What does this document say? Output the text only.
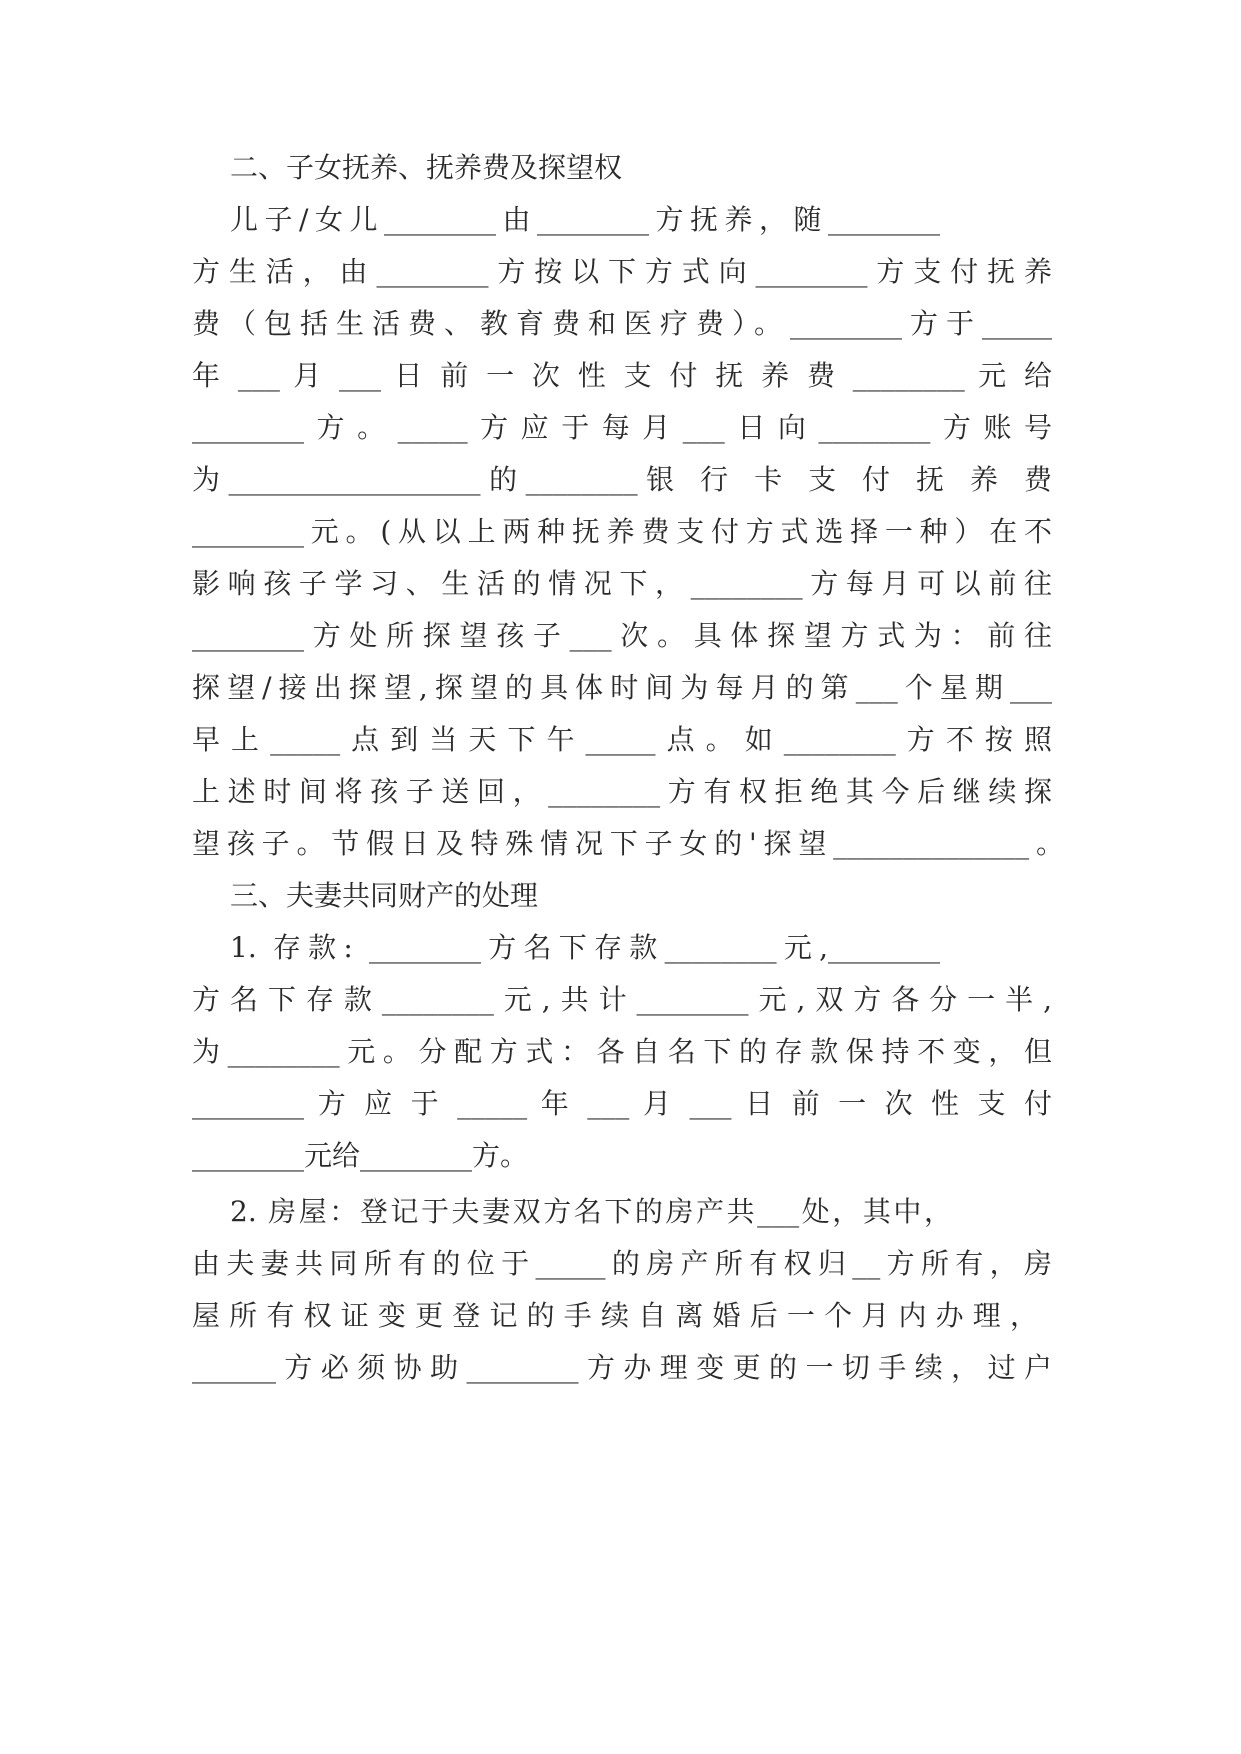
二、子女抚养、抚养费及探望权
儿子/女儿________由________方抚养，随________
方生活，由________方按以下方式向________方支付抚养
费（包括生活费、教育费和医疗费）。________方于_____
年 ___ 月 ___ 日 前 一 次 性 支 付 抚 养 费 ________ 元 给
________方。_____方应于每月___日向________方账号
为__________________的________银 行 卡 支 付 抚 养 费
________元。(从以上两种抚养费支付方式选择一种）在不
影响孩子学习、生活的情况下，________方每月可以前往
________方处所探望孩子___次。具体探望方式为：前往
探望/接出探望,探望的具体时间为每月的第___个星期___
早上_____点到当天下午_____点。如________方不按照
上述时间将孩子送回，________方有权拒绝其今后继续探
望孩子。节假日及特殊情况下子女的'探望______________。
三、夫妻共同财产的处理
1. 存款: ________方名下存款________元,________
方名下存款________元,共计________元,双方各分一半,
为________元。分配方式：各自名下的存款保持不变，但
________ 方 应 于 _____ 年 ___ 月 ___ 日 前 一 次 性 支 付
________元给________方。
2. 房屋：登记于夫妻双方名下的房产共___处，其中，
由夫妻共同所有的位于_____的房产所有权归__方所有，房
屋所有权证变更登记的手续自离婚后一个月内办理，
______方必须协助________方办理变更的一切手续，过户
